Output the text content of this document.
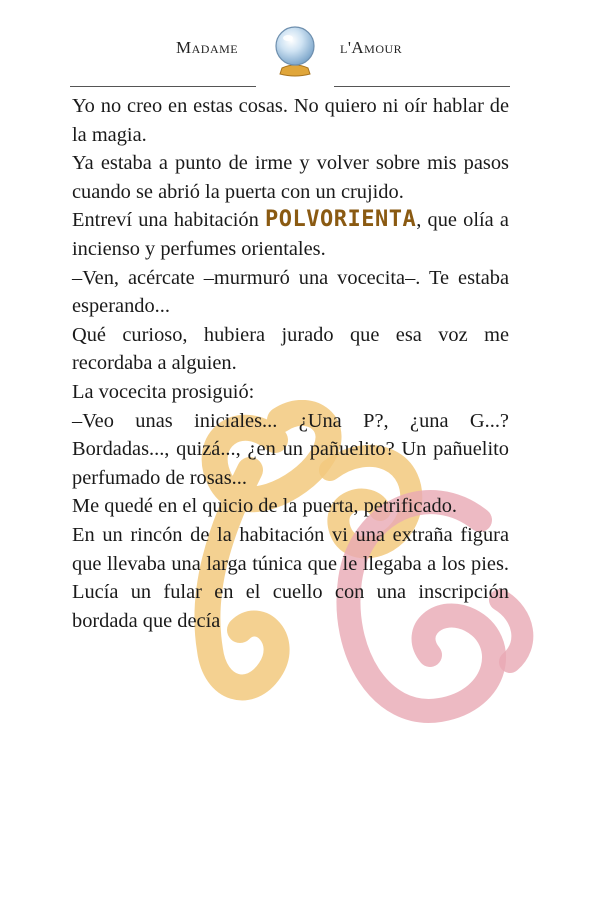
Madame	l'Amour

Yo no creo en estas cosas. No quiero ni oír hablar de la magia.

Ya estaba a punto de irme y volver sobre mis pasos cuando se abrió la puerta con un crujido.

Entreví una habitación POLVORIENTA, que olía a incienso y perfumes orientales.

–Ven, acércate –murmuró una vocecita–. Te estaba esperando...

Qué curioso, hubiera jurado que esa voz me recordaba a alguien.

La vocecita prosiguió:

–Veo unas iniciales... ¿Una P?, ¿una G...? Bordadas..., quizá..., ¿en un pañuelito? Un pañuelito perfumado de rosas...

Me quedé en el quicio de la puerta, petrificado.

En un rincón de la habitación vi una extraña figura que llevaba una larga túnica que le llegaba a los pies. Lucía un fular en el cuello con una inscripción bordada que decía
